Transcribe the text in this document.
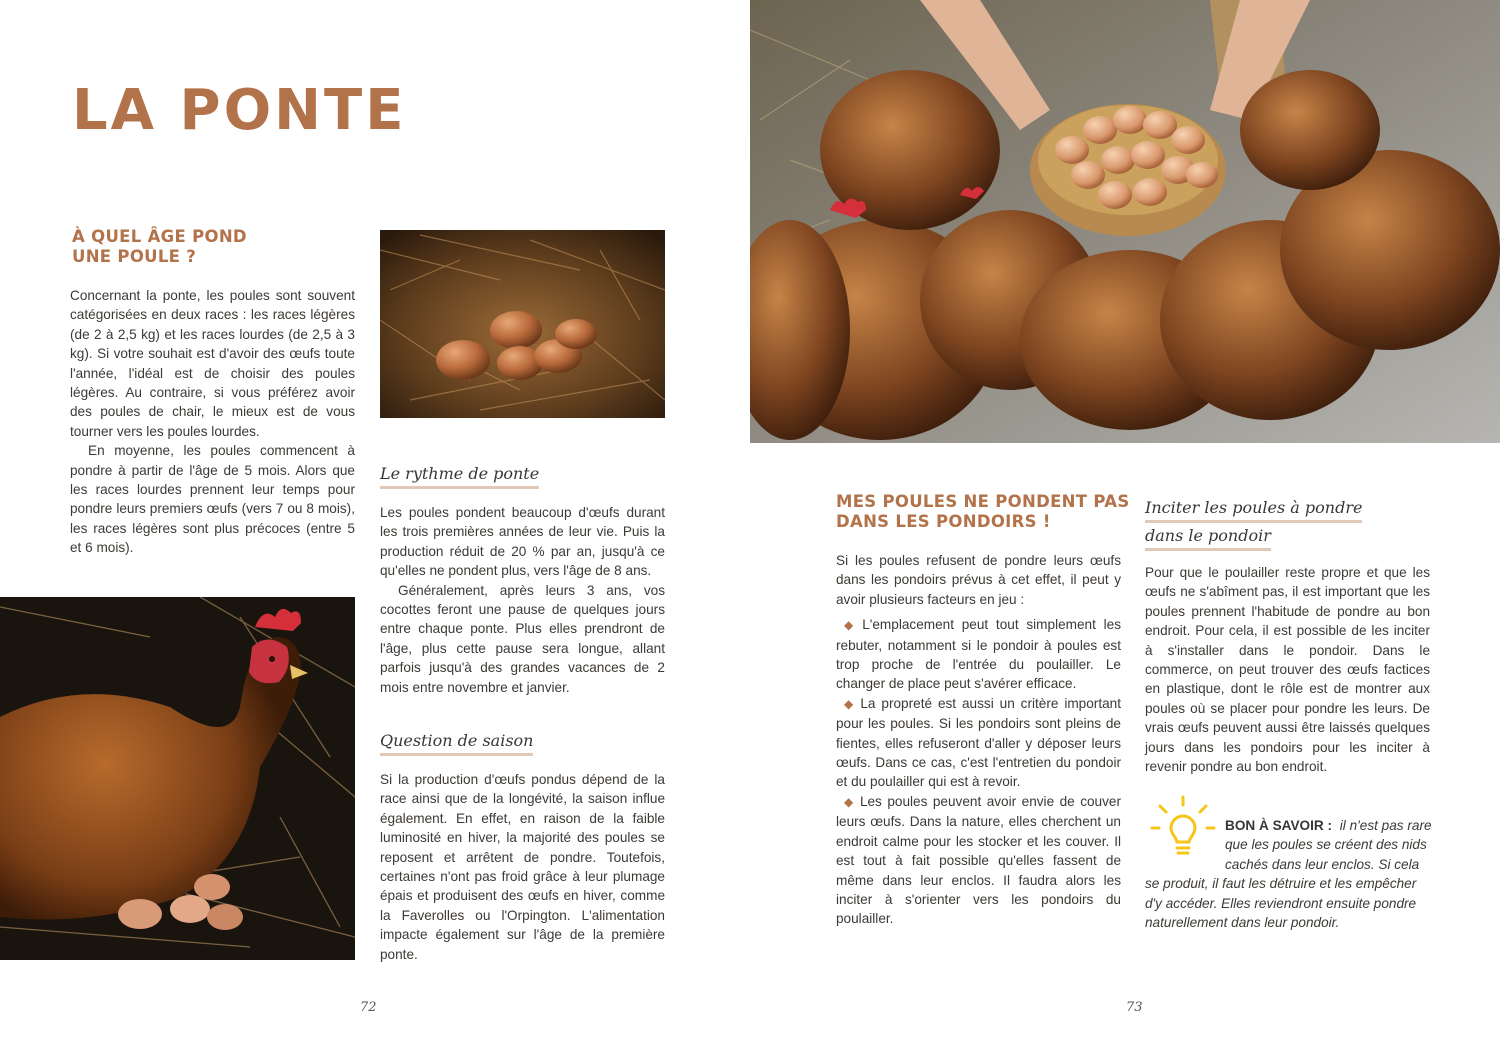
LA PONTE
À QUEL ÂGE POND
UNE POULE ?

Concernant la ponte, les poules sont souvent catégorisées en deux races : les races légères (de 2 à 2,5 kg) et les races lourdes (de 2,5 à 3 kg). Si votre souhait est d'avoir des œufs toute l'année, l'idéal est de choisir des poules légères. Au contraire, si vous préférez avoir des poules de chair, le mieux est de vous tourner vers les poules lourdes.

En moyenne, les poules commencent à pondre à partir de l'âge de 5 mois. Alors que les races lourdes prennent leur temps pour pondre leurs premiers œufs (vers 7 ou 8 mois), les races légères sont plus précoces (entre 5 et 6 mois).

Le rythme de ponte

Les poules pondent beaucoup d'œufs durant les trois premières années de leur vie. Puis la production réduit de 20 % par an, jusqu'à ce qu'elles ne pondent plus, vers l'âge de 8 ans.

Généralement, après leurs 3 ans, vos cocottes feront une pause de quelques jours entre chaque ponte. Plus elles prendront de l'âge, plus cette pause sera longue, allant parfois jusqu'à des grandes vacances de 2 mois entre novembre et janvier.

Question de saison

Si la production d'œufs pondus dépend de la race ainsi que de la longévité, la saison influe également. En effet, en raison de la faible luminosité en hiver, la majorité des poules se reposent et arrêtent de pondre. Toutefois, certaines n'ont pas froid grâce à leur plumage épais et produisent des œufs en hiver, comme la Faverolles ou l'Orpington. L'alimentation impacte également sur l'âge de la première ponte.

72
MES POULES NE PONDENT PAS
DANS LES PONDOIRS !

Si les poules refusent de pondre leurs œufs dans les pondoirs prévus à cet effet, il peut y avoir plusieurs facteurs en jeu :

◆ L'emplacement peut tout simplement les rebuter, notamment si le pondoir à poules est trop proche de l'entrée du poulailler. Le changer de place peut s'avérer efficace.

◆ La propreté est aussi un critère important pour les poules. Si les pondoirs sont pleins de fientes, elles refuseront d'aller y déposer leurs œufs. Dans ce cas, c'est l'entretien du pondoir et du poulailler qui est à revoir.

◆ Les poules peuvent avoir envie de couver leurs œufs. Dans la nature, elles cherchent un endroit calme pour les stocker et les couver. Il est tout à fait possible qu'elles fassent de même dans leur enclos. Il faudra alors les inciter à s'orienter vers les pondoirs du poulailler.

Inciter les poules à pondre
dans le pondoir

Pour que le poulailler reste propre et que les œufs ne s'abîment pas, il est important que les poules prennent l'habitude de pondre au bon endroit. Pour cela, il est possible de les inciter à s'installer dans le pondoir. Dans le commerce, on peut trouver des œufs factices en plastique, dont le rôle est de montrer aux poules où se placer pour pondre les leurs. De vrais œufs peuvent aussi être laissés quelques jours dans les pondoirs pour les inciter à revenir pondre au bon endroit.

BON À SAVOIR : il n'est pas rare que les poules se créent des nids cachés dans leur enclos. Si cela se produit, il faut les détruire et les empêcher d'y accéder. Elles reviendront ensuite pondre naturellement dans leur pondoir.
73
